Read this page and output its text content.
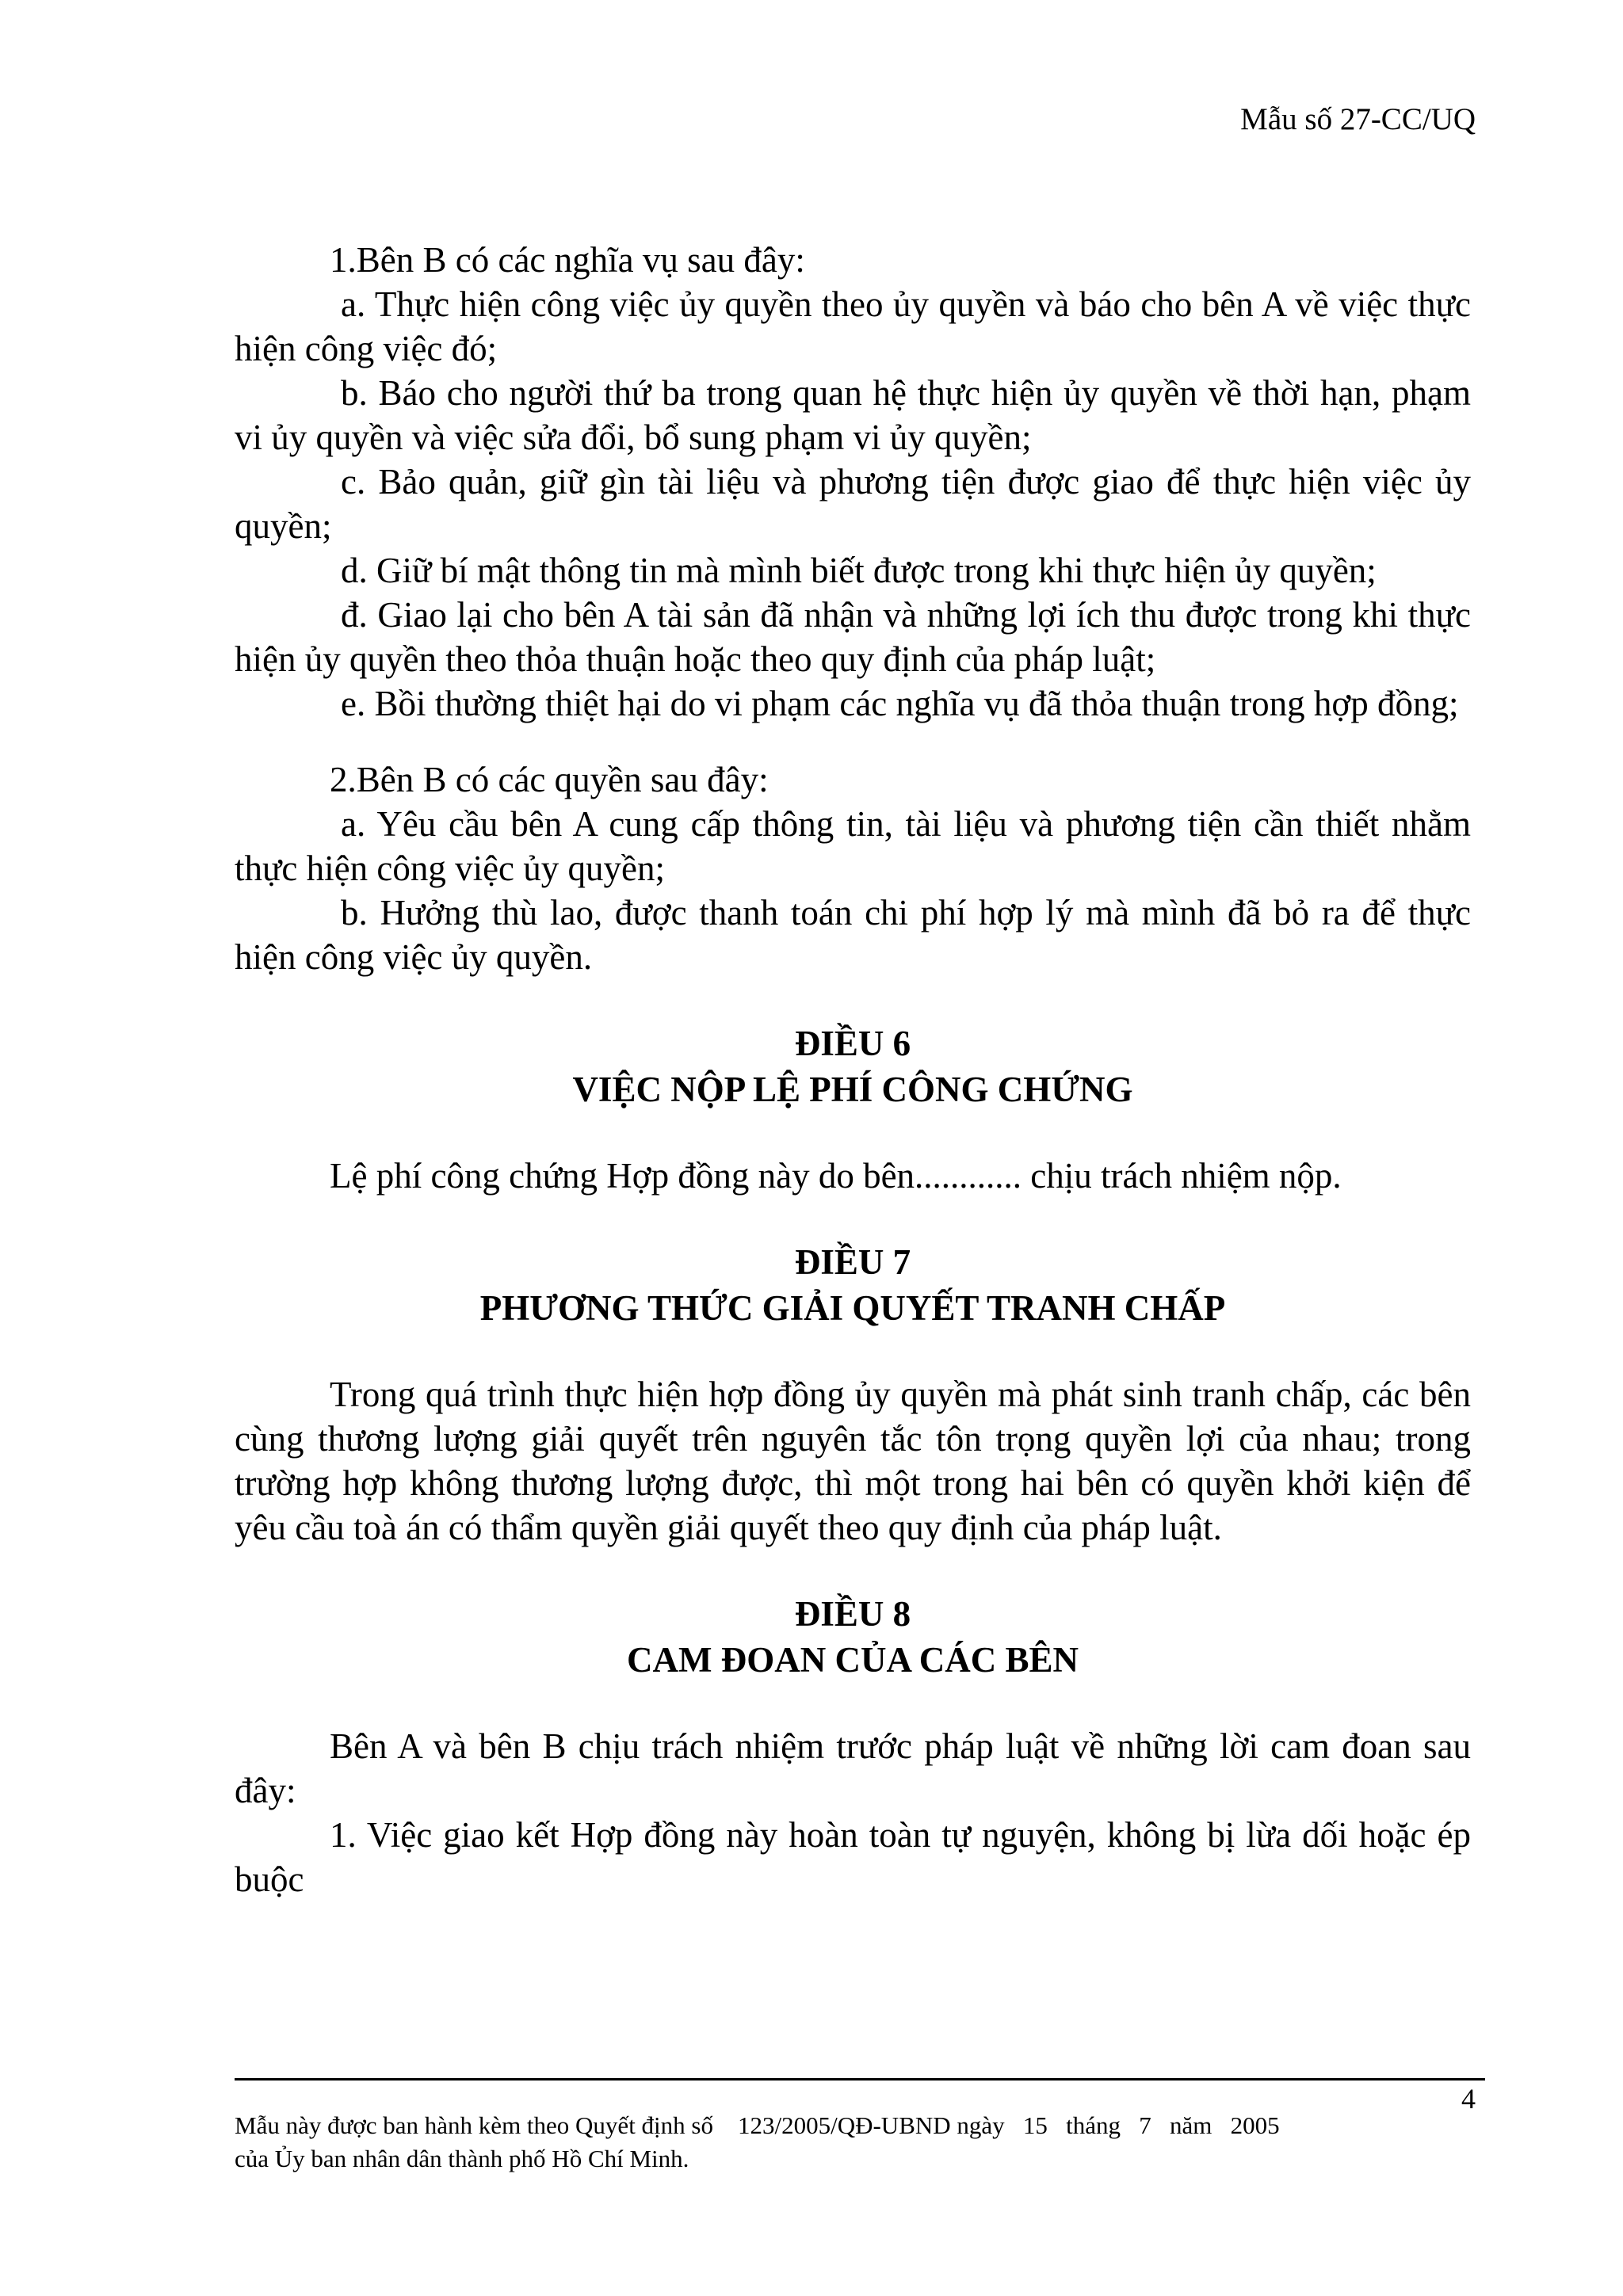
Mẫu số 27-CC/UQ

1.Bên B có các nghĩa vụ sau đây:

a. Thực hiện công việc ủy quyền theo ủy quyền và báo cho bên A về việc thực hiện công việc đó;

b. Báo cho người thứ ba trong quan hệ thực hiện ủy quyền về thời hạn, phạm vi ủy quyền và việc sửa đổi, bổ sung phạm vi ủy quyền;

c. Bảo quản, giữ gìn tài liệu và phương tiện được giao để thực hiện việc ủy quyền;

d. Giữ bí mật thông tin mà mình biết được trong khi thực hiện ủy quyền;

đ. Giao lại cho bên A tài sản đã nhận và những lợi ích thu được trong khi thực hiện ủy quyền theo thỏa thuận hoặc theo quy định của pháp luật;

e. Bồi thường thiệt hại do vi phạm các nghĩa vụ đã thỏa thuận trong hợp đồng;

2.Bên B có các quyền sau đây:

a. Yêu cầu bên A cung cấp thông tin, tài liệu và phương tiện cần thiết nhằm thực hiện công việc ủy quyền;

b. Hưởng thù lao, được thanh toán chi phí hợp lý mà mình đã bỏ ra để thực hiện công việc ủy quyền.

ĐIỀU 6

VIỆC NỘP LỆ PHÍ CÔNG CHỨNG

Lệ phí công chứng Hợp đồng này do bên............ chịu trách nhiệm nộp.

ĐIỀU 7

PHƯƠNG THỨC GIẢI QUYẾT TRANH CHẤP

Trong quá trình thực hiện hợp đồng ủy quyền mà phát sinh tranh chấp, các bên cùng thương lượng giải quyết trên nguyên tắc tôn trọng quyền lợi của nhau; trong trường hợp không thương lượng được, thì một trong hai bên có quyền khởi kiện để yêu cầu toà án có thẩm quyền giải quyết theo quy định của pháp luật.

ĐIỀU 8

CAM ĐOAN CỦA CÁC BÊN

Bên A và bên B chịu trách nhiệm trước pháp luật về những lời cam đoan sau đây:

1. Việc giao kết Hợp đồng này hoàn toàn tự nguyện, không bị lừa dối hoặc ép buộc

4

Mẫu này được ban hành kèm theo Quyết định số    123/2005/QĐ-UBND ngày   15   tháng   7   năm   2005

của Ủy ban nhân dân thành phố Hồ Chí Minh.
